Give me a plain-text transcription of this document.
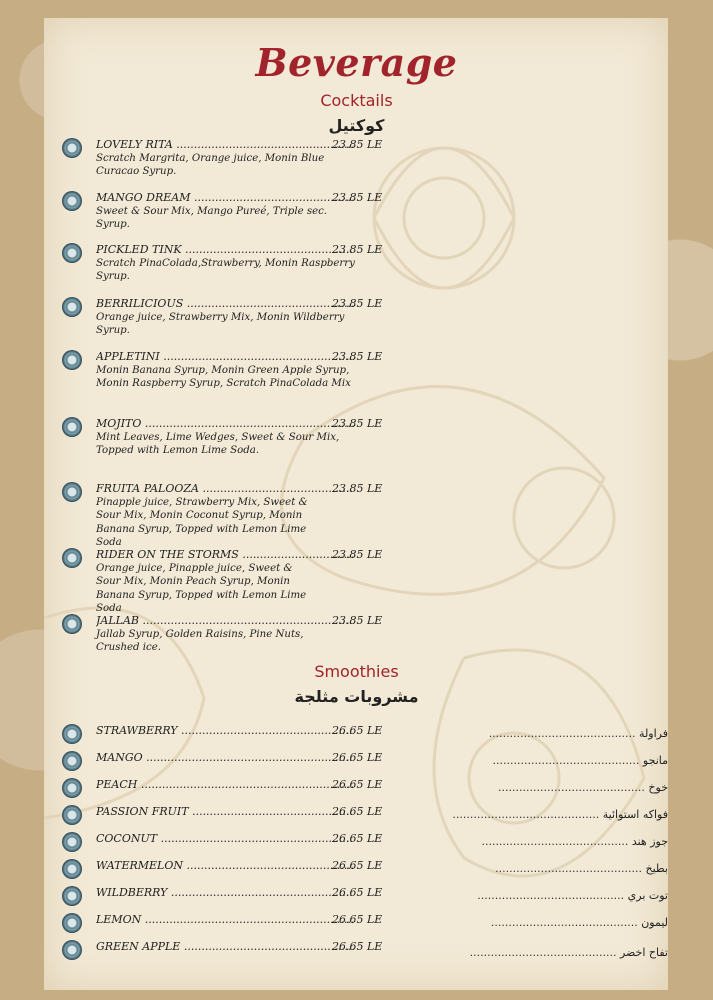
Beverage
Cocktails
كوكتيل
LOVELY RITA .....	23.85 LE
Scratch Margrita, Orange juice, Monin Blue Curacao Syrup.
MANGO DREAM .....	23.85 LE
Sweet & Sour Mix, Mango Pureé, Triple sec. Syrup.
PICKLED TINK .....	23.85 LE
Scratch PinaColada,Strawberry, Monin Raspberry Syrup.
BERRILICIOUS .....	23.85 LE
Orange juice, Strawberry Mix, Monin Wildberry Syrup.
APPLETINI .....	23.85 LE
Monin Banana Syrup, Monin Green Apple Syrup, Monin Raspberry Syrup, Scratch PinaColada Mix
MOJITO .....	23.85 LE
Mint Leaves, Lime Wedges, Sweet & Sour Mix, Topped with Lemon Lime Soda.
FRUITA PALOOZA .....	23.85 LE
Pinapple juice, Strawberry Mix, Sweet & Sour Mix, Monin Coconut Syrup, Monin Banana Syrup, Topped with Lemon Lime Soda
RIDER ON THE STORMS .....	23.85 LE
Orange juice, Pinapple juice, Sweet & Sour Mix, Monin Peach Syrup, Monin Banana Syrup, Topped with Lemon Lime Soda
JALLAB .....	23.85 LE
Jallab Syrup, Golden Raisins, Pine Nuts, Crushed ice.
Smoothies
مشروبات مثلجة
STRAWBERRY .....	26.65 LE	فراولة ..........................................
MANGO .....	26.65 LE	مانجو ..........................................
PEACH .....	26.65 LE	خوخ ..........................................
PASSION FRUIT .....	26.65 LE	فواكه استوائية ..........................................
COCONUT .....	26.65 LE	جوز هند ..........................................
WATERMELON .....	26.65 LE	بطيخ ..........................................
WILDBERRY .....	26.65 LE	توت بري ..........................................
LEMON .....	26.65 LE	ليمون ..........................................
GREEN APPLE .....	26.65 LE	تفاح اخضر ..........................................
